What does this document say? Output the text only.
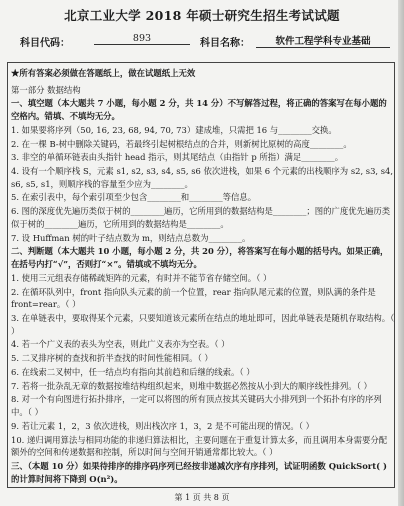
北京工业大学 2018 年硕士研究生招生考试试题
科目代码：	893	科目名称：	软件工程学科专业基础

★所有答案必须做在答题纸上，做在试题纸上无效

第一部分 数据结构

一、填空题（本大题共 7 小题，每小题 2 分，共 14 分）不写解答过程，将正确的答案写在每小题的空格内。错填、不填均无分。

1. 如果要将序列（50, 16, 23, 68, 94, 70, 73）建成堆，只需把 16 与________交换。

2. 在一棵 B-树中删除关键码，若最终引起树根结点的合并，则新树比原树的高度________。

3. 非空的单循环链表由头指针 head 指示，则其尾结点（由指针 p 所指）满足________。

4. 设有一个顺序栈 S，元素 s1, s2, s3, s4, s5, s6 依次进栈，如果 6 个元素的出栈顺序为 s2, s3, s4, s6, s5, s1，则顺序栈的容量至少应为________。

5. 在索引表中，每个索引项至少包含________和________等信息。

6. 图的深度优先遍历类似于树的________遍历，它所用到的数据结构是________；图的广度优先遍历类似于树的________遍历，它所用到的数据结构是________。

7. 设 Huffman 树的叶子结点数为 m，则结点总数为________。

二、判断题（本大题共 10 小题，每小题 2 分，共 20 分），将答案写在每小题的括号内。如果正确，在括号内打“√”，否则打“×”。错填或不填均无分。

1. 使用三元组表存储稀疏矩阵的元素，有时并不能节省存储空间。（ ）

2. 在循环队列中，front 指向队头元素的前一个位置，rear 指向队尾元素的位置，则队满的条件是 front=rear。（ ）

3. 在单链表中，要取得某个元素，只要知道该元素所在结点的地址即可，因此单链表是随机存取结构。（ ）

4. 若一个广义表的表头为空表，则此广义表亦为空表。（ ）

5. 二叉排序树的查找和折半查找的时间性能相同。（ ）

6. 在线索二叉树中，任一结点均有指向其前趋和后继的线索。（ ）

7. 若将一批杂乱无章的数据按堆结构组织起来，则堆中数据必然按从小到大的顺序线性排列。（ ）

8. 对一个有向图进行拓扑排序，一定可以将图的所有顶点按其关键码大小排列到一个拓扑有序的序列中。（ ）

9. 若让元素 1，2，3 依次进栈，则出栈次序 1，3，2 是不可能出现的情况。（ ）

10. 递归调用算法与相同功能的非递归算法相比，主要问题在于重复计算太多，而且调用本身需要分配额外的空间和传递数据和控制，所以时间与空间开销通常都比较大。（ ）

三、（本题 10 分）如果待排序的排序码序列已经按非递减次序有序排列，试证明函数 QuickSort( )的计算时间将下降到 O(n²)。

第 1 页 共 8 页
